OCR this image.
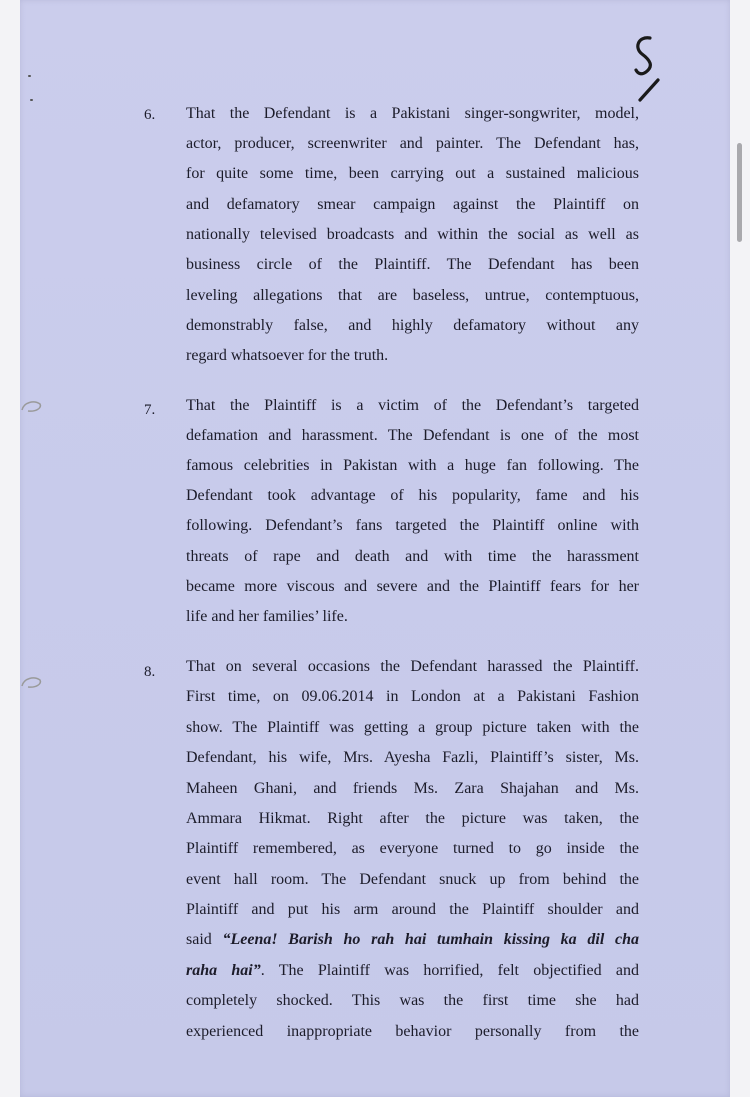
6. That the Defendant is a Pakistani singer-songwriter, model,
actor, producer, screenwriter and painter. The Defendant has,
for quite some time, been carrying out a sustained malicious
and defamatory smear campaign against the Plaintiff on
nationally televised broadcasts and within the social as well as
business circle of the Plaintiff. The Defendant has been
leveling allegations that are baseless, untrue, contemptuous,
demonstrably false, and highly defamatory without any
regard whatsoever for the truth.
7. That the Plaintiff is a victim of the Defendant’s targeted
defamation and harassment. The Defendant is one of the most
famous celebrities in Pakistan with a huge fan following. The
Defendant took advantage of his popularity, fame and his
following. Defendant’s fans targeted the Plaintiff online with
threats of rape and death and with time the harassment
became more viscous and severe and the Plaintiff fears for her
life and her families’ life.
8. That on several occasions the Defendant harassed the Plaintiff.
First time, on 09.06.2014 in London at a Pakistani Fashion
show. The Plaintiff was getting a group picture taken with the
Defendant, his wife, Mrs. Ayesha Fazli, Plaintiff’s sister, Ms.
Maheen Ghani, and friends Ms. Zara Shajahan and Ms.
Ammara Hikmat. Right after the picture was taken, the
Plaintiff remembered, as everyone turned to go inside the
event hall room. The Defendant snuck up from behind the
Plaintiff and put his arm around the Plaintiff shoulder and
said “Leena! Barish ho rah hai tumhain kissing ka dil cha
raha hai”. The Plaintiff was horrified, felt objectified and
completely shocked. This was the first time she had
experienced inappropriate behavior personally from the
